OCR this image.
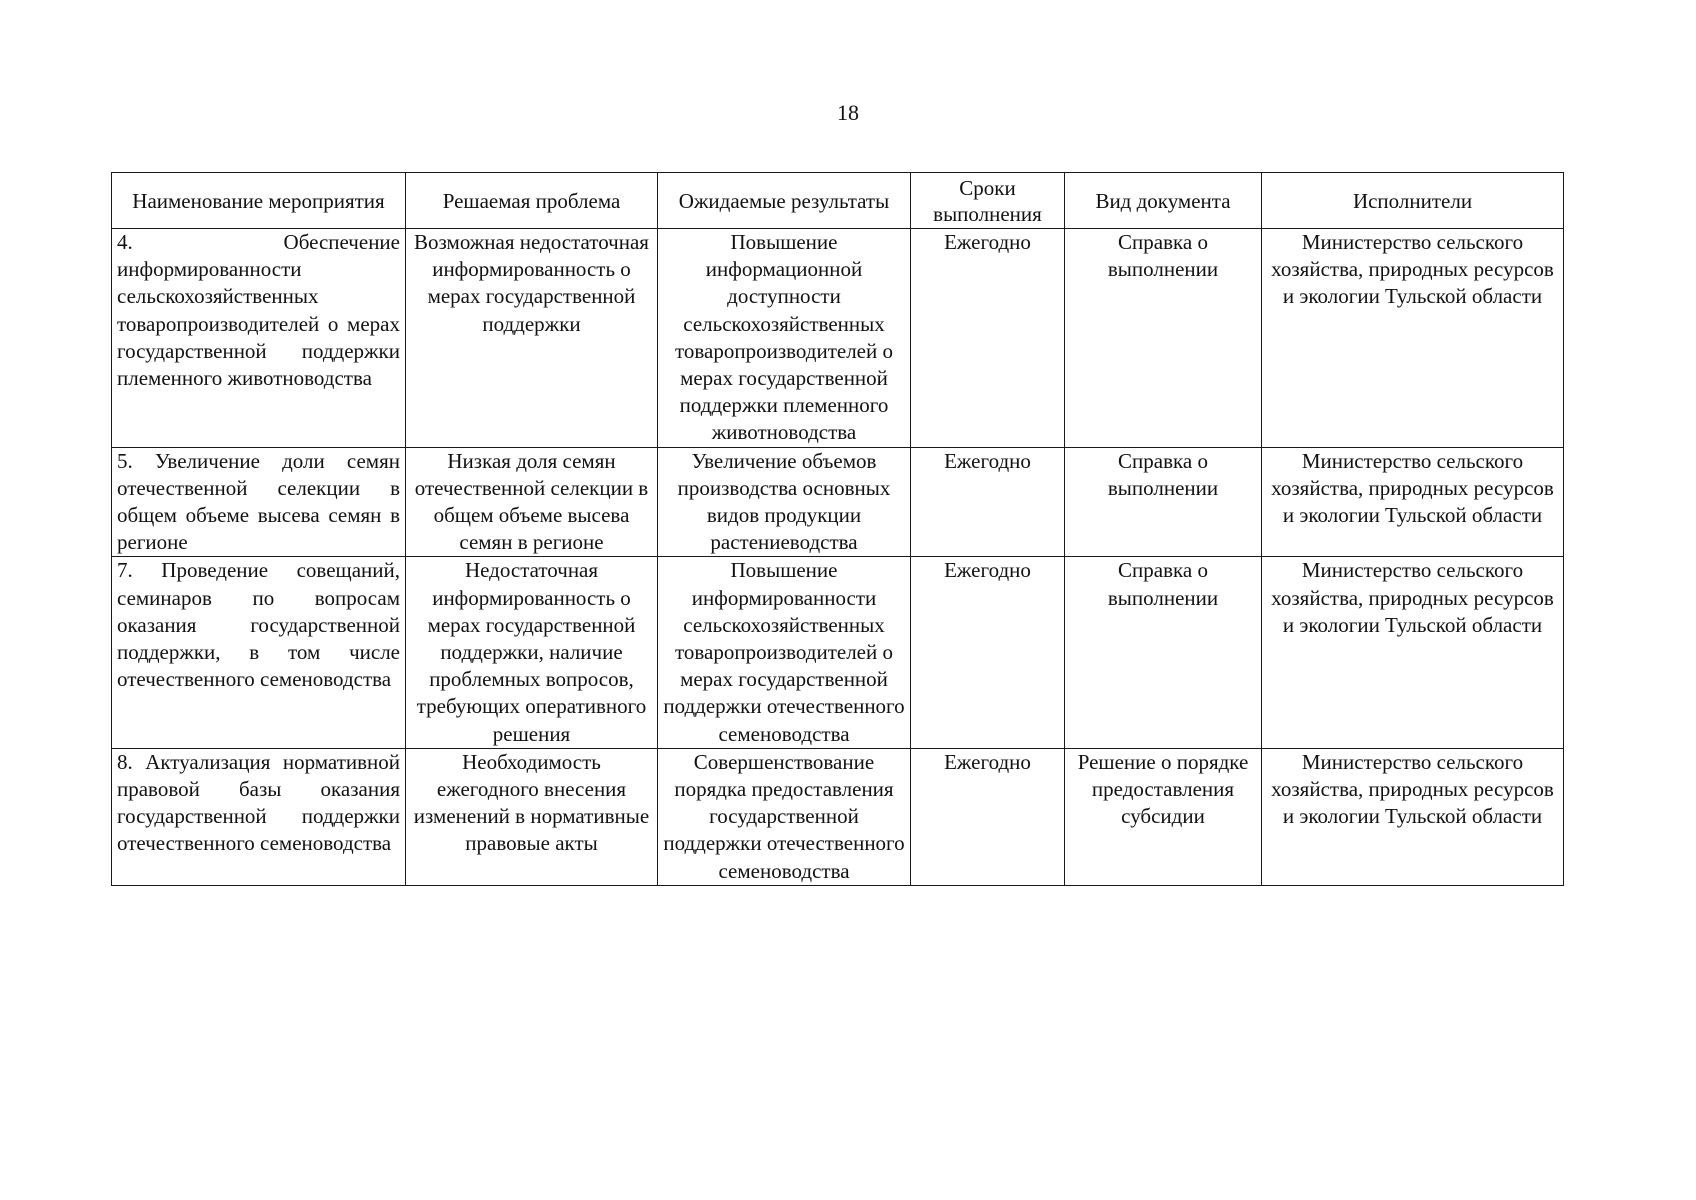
18
Наименование мероприятия	Решаемая проблема	Ожидаемые результаты	Сроки выполнения	Вид документа	Исполнители
4. Обеспечение информированности сельскохозяйственных товаропроизводителей о мерах государственной поддержки племенного животноводства	Возможная недостаточная информированность о мерах государственной поддержки	Повышение информационной доступности сельскохозяйственных товаропроизводителей о мерах государственной поддержки племенного животноводства	Ежегодно	Справка о выполнении	Министерство сельского хозяйства, природных ресурсов и экологии Тульской области
5. Увеличение доли семян отечественной селекции в общем объеме высева семян в регионе	Низкая доля семян отечественной селекции в общем объеме высева семян в регионе	Увеличение объемов производства основных видов продукции растениеводства	Ежегодно	Справка о выполнении	Министерство сельского хозяйства, природных ресурсов и экологии Тульской области
7. Проведение совещаний, семинаров по вопросам оказания государственной поддержки, в том числе отечественного семеноводства	Недостаточная информированность о мерах государственной поддержки, наличие проблемных вопросов, требующих оперативного решения	Повышение информированности сельскохозяйственных товаропроизводителей о мерах государственной поддержки отечественного семеноводства	Ежегодно	Справка о выполнении	Министерство сельского хозяйства, природных ресурсов и экологии Тульской области
8. Актуализация нормативной правовой базы оказания государственной поддержки отечественного семеноводства	Необходимость ежегодного внесения изменений в нормативные правовые акты	Совершенствование порядка предоставления государственной поддержки отечественного семеноводства	Ежегодно	Решение о порядке предоставления субсидии	Министерство сельского хозяйства, природных ресурсов и экологии Тульской области
